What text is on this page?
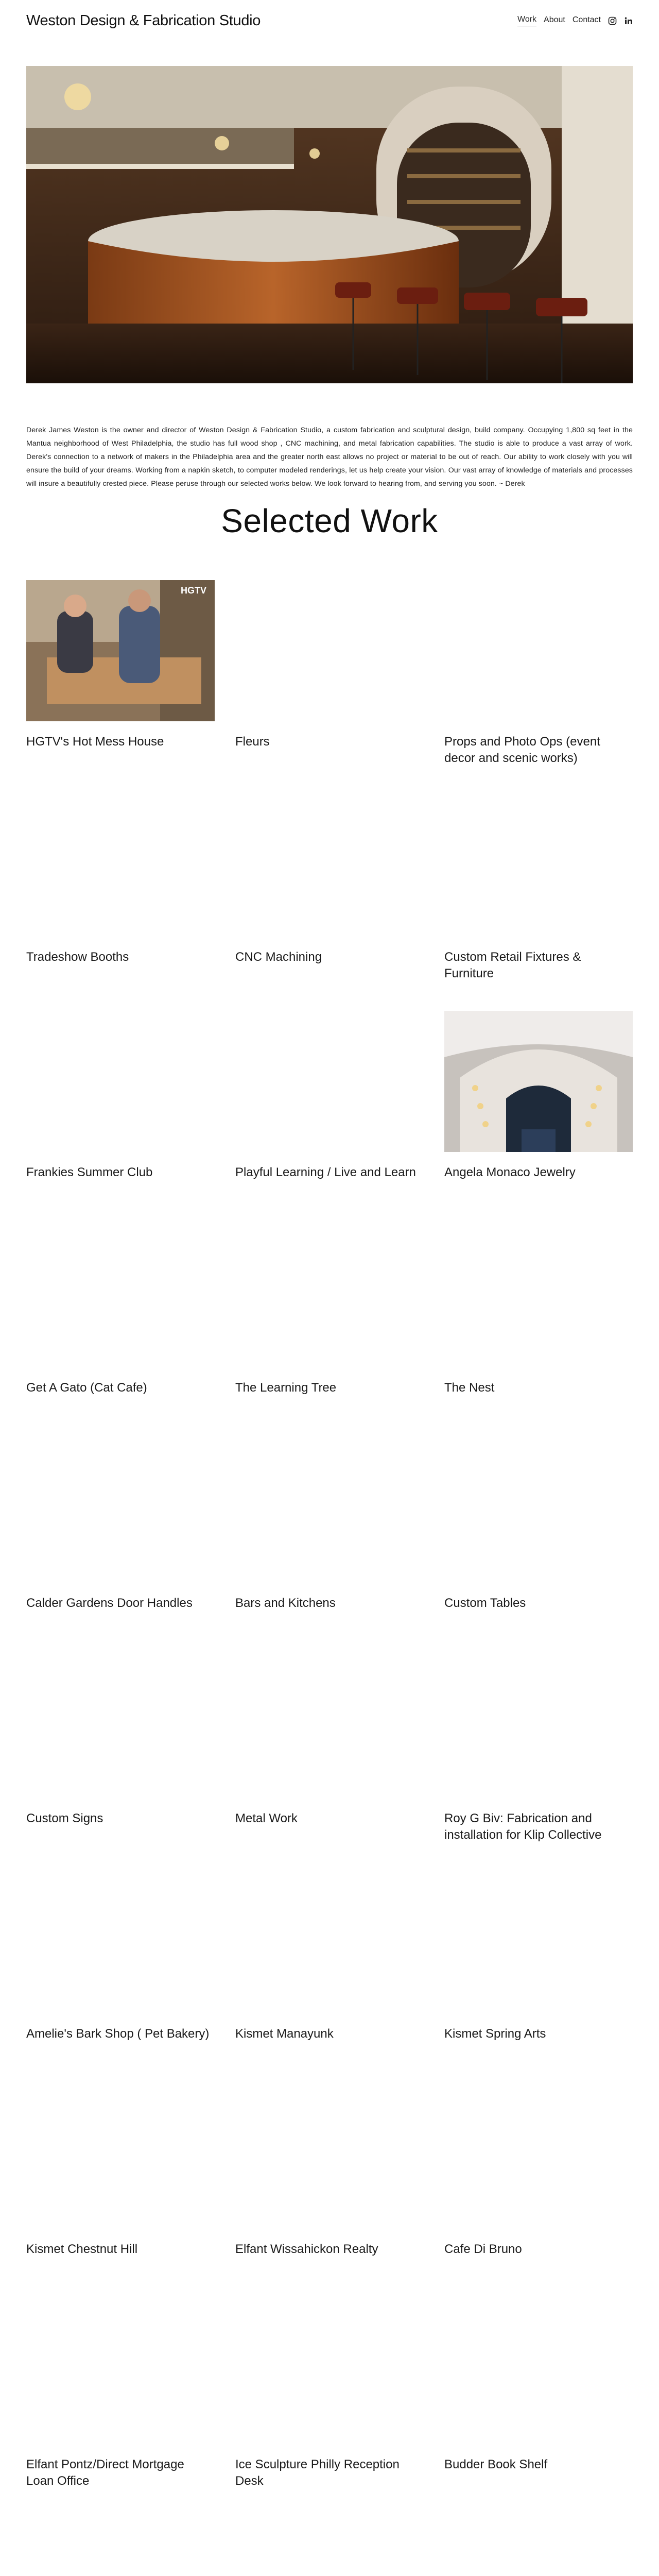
Weston Design & Fabrication Studio	Work About Contact

Derek James Weston is the owner and director of Weston Design & Fabrication Studio, a custom fabrication and sculptural design, build company. Occupying 1,800 sq feet in the Mantua neighborhood of West Philadelphia, the studio has full wood shop , CNC machining, and metal fabrication capabilities. The studio is able to produce a vast array of work. Derek's connection to a network of makers in the Philadelphia area and the greater north east allows no project or material to be out of reach. Our ability to work closely with you will ensure the build of your dreams. Working from a napkin sketch, to computer modeled renderings, let us help create your vision. Our vast array of knowledge of materials and processes will insure a beautifully crested piece. Please peruse through our selected works below. We look forward to hearing from, and serving you soon. ~ Derek

Selected Work
HGTV
HGTV's Hot Mess House	Fleurs	Props and Photo Ops (event decor and scenic works)
Tradeshow Booths	CNC Machining	Custom Retail Fixtures & Furniture
Frankies Summer Club	Playful Learning / Live and Learn	Angela Monaco Jewelry
Get A Gato (Cat Cafe)	The Learning Tree	The Nest
Calder Gardens Door Handles	Bars and Kitchens	Custom Tables
Custom Signs	Metal Work	Roy G Biv: Fabrication and installation for Klip Collective
Amelie's Bark Shop ( Pet Bakery)	Kismet Manayunk	Kismet Spring Arts
Kismet Chestnut Hill	Elfant Wissahickon Realty	Cafe Di Bruno
Elfant Pontz/Direct Mortgage Loan Office
Ice Sculpture Philly Reception Desk
Budder Book Shelf
